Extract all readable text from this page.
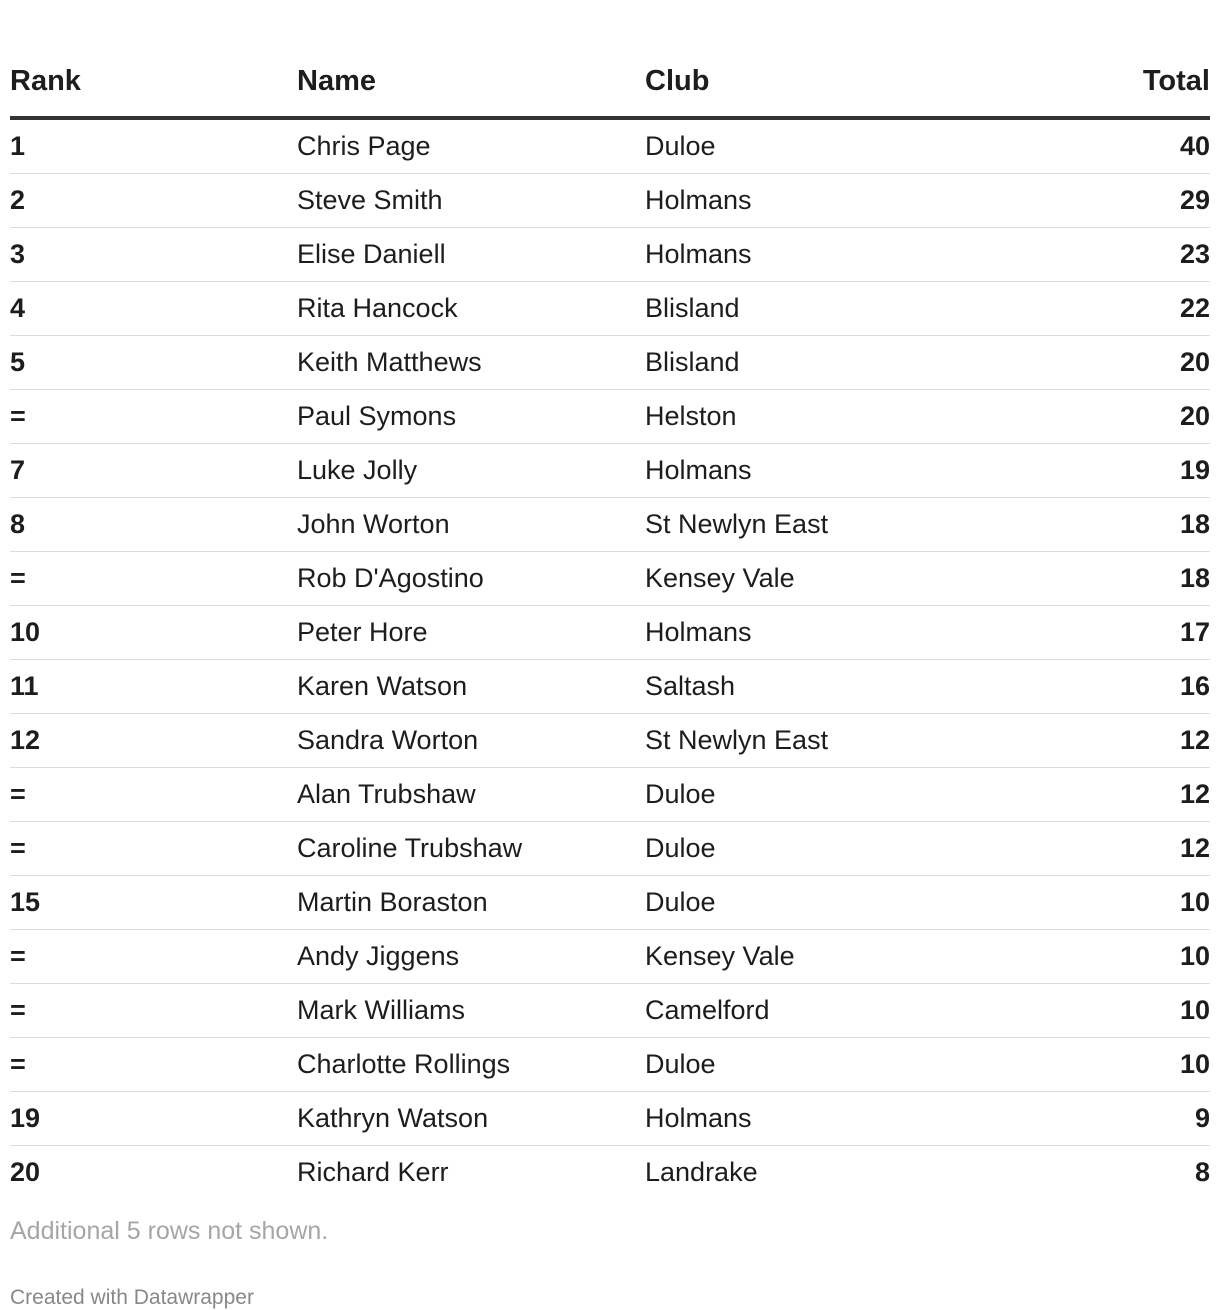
Rank	Name	Club	Total
1	Chris Page	Duloe	40
2	Steve Smith	Holmans	29
3	Elise Daniell	Holmans	23
4	Rita Hancock	Blisland	22
5	Keith Matthews	Blisland	20
=	Paul Symons	Helston	20
7	Luke Jolly	Holmans	19
8	John Worton	St Newlyn East	18
=	Rob D'Agostino	Kensey Vale	18
10	Peter Hore	Holmans	17
11	Karen Watson	Saltash	16
12	Sandra Worton	St Newlyn East	12
=	Alan Trubshaw	Duloe	12
=	Caroline Trubshaw	Duloe	12
15	Martin Boraston	Duloe	10
=	Andy Jiggens	Kensey Vale	10
=	Mark Williams	Camelford	10
=	Charlotte Rollings	Duloe	10
19	Kathryn Watson	Holmans	9
20	Richard Kerr	Landrake	8
Additional 5 rows not shown.
Created with Datawrapper
